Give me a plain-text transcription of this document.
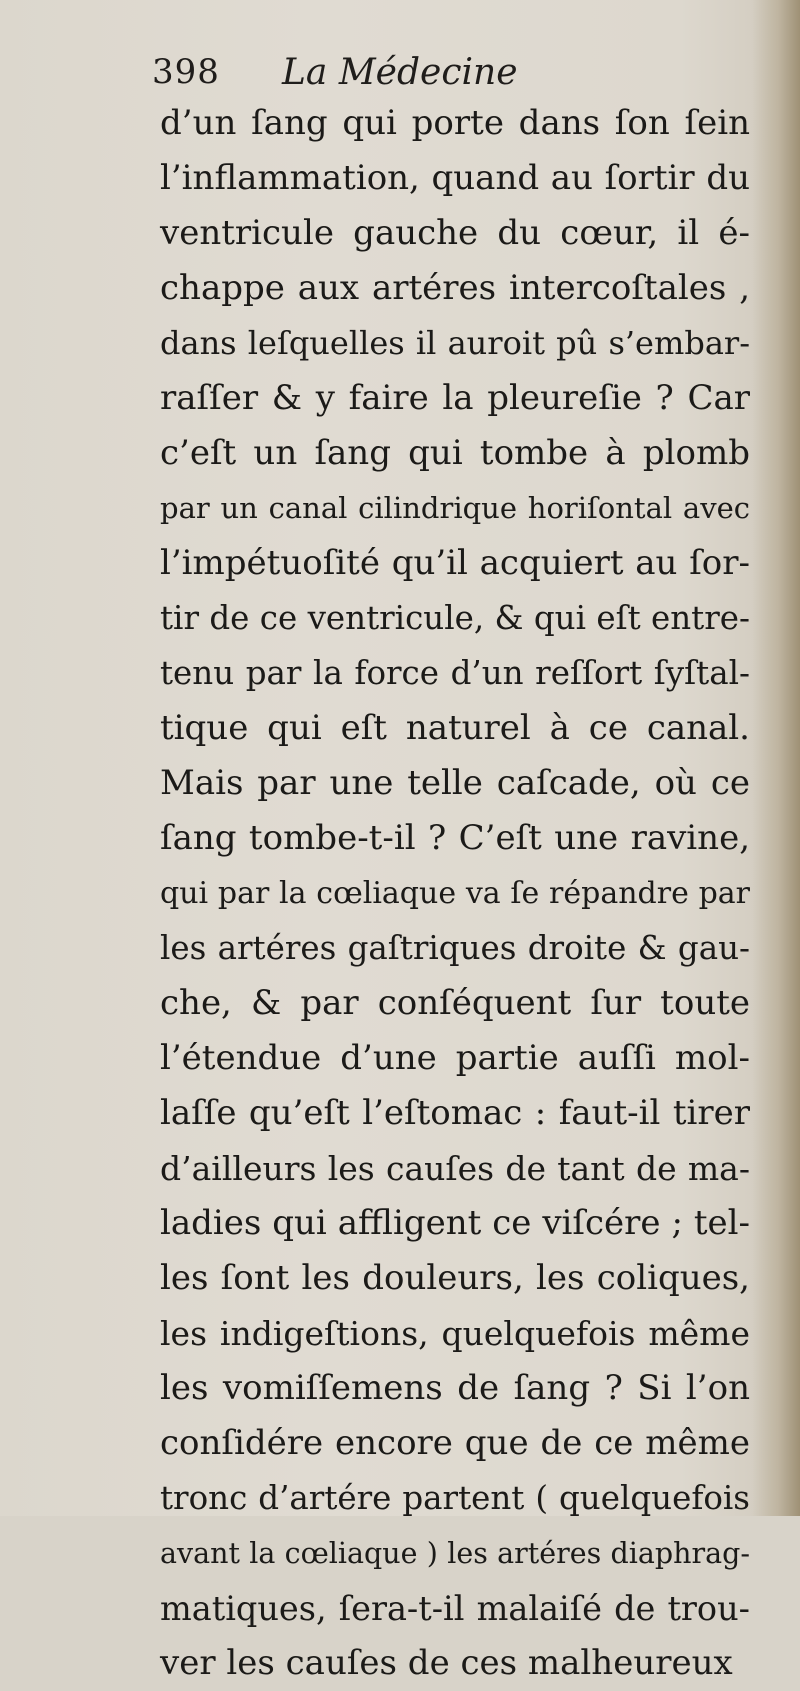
398 La Médecine
d’un ſang qui porte dans ſon ſein
l’inflammation, quand au ſortir du
ventricule gauche du cœur, il é-
chappe aux artéres intercoſtales ,
dans leſquelles il auroit pû s’embar-
raſſer & y faire la pleureſie ? Car
c’eſt un ſang qui tombe à plomb
par un canal cilindrique horiſontal avec
l’impétuoſité qu’il acquiert au ſor-
tir de ce ventricule, & qui eſt entre-
tenu par la force d’un reſſort ſyſtal-
tique qui eſt naturel à ce canal.
Mais par une telle caſcade, où ce
ſang tombe-t-il ? C’eſt une ravine,
qui par la cœliaque va ſe répandre par
les artéres gaſtriques droite & gau-
che, & par conſéquent ſur toute
l’étendue d’une partie auſſi mol-
laſſe qu’eſt l’eſtomac : faut-il tirer
d’ailleurs les cauſes de tant de ma-
ladies qui affligent ce viſcére ; tel-
les ſont les douleurs, les coliques,
les indigeſtions, quelquefois même
les vomiſſemens de ſang ? Si l’on
conſidére encore que de ce même
tronc d’artére partent ( quelquefois
avant la cœliaque ) les artéres diaphrag-
matiques, ſera-t-il malaiſé de trou-
ver les cauſes de ces malheureux
